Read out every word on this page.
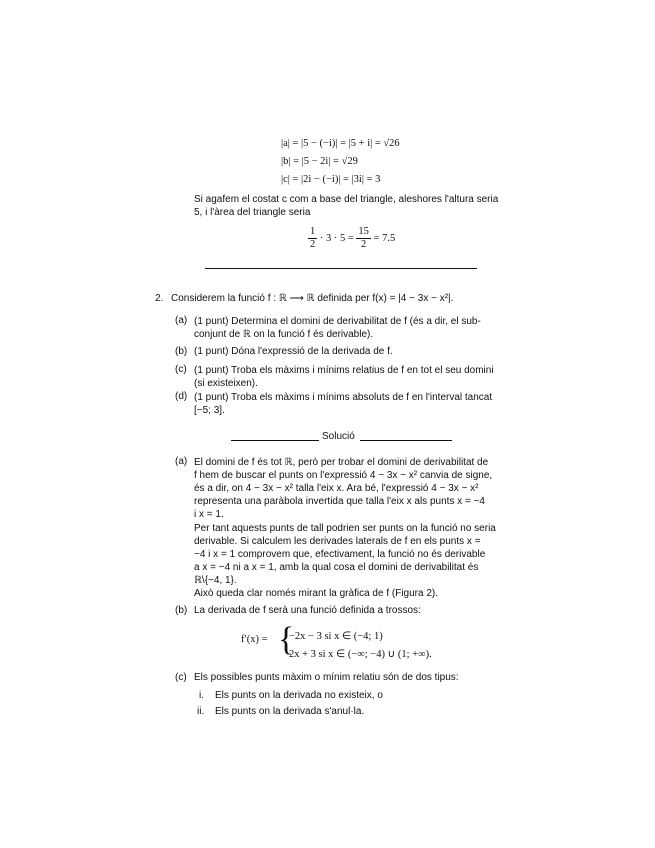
|a| = |5 − (−i)| = |5 + i| = √26
|b| = |5 − 2i| = √29
|c| = |2i − (−i)| = |3i| = 3
Si agafem el costat c com a base del triangle, aleshores l'altura seria
5, i l'àrea del triangle seria
$\frac{1}{2} \cdot 3 \cdot 5 = \frac{15}{2} = 7.5$
2. Considerem la funció f : ℝ ⟶ ℝ definida per f(x) = |4 − 3x − x²|.
(a) (1 punt) Determina el domini de derivabilitat de f (és a dir, el sub-
conjunt de ℝ on la funció f és derivable).
(b) (1 punt) Dóna l'expressió de la derivada de f.
(c) (1 punt) Troba els màxims i mínims relatius de f en tot el seu domini
(si existeixen).
(d) (1 punt) Troba els màxims i mínims absoluts de f en l'interval tancat
[−5; 3].
Solució
(a) El domini de f és tot ℝ, però per trobar el domini de derivabilitat de
f hem de buscar el punts on l'expressió 4 − 3x − x² canvia de signe,
és a dir, on 4 − 3x − x² talla l'eix x. Ara bé, l'expressió 4 − 3x − x²
representa una paràbola invertida que talla l'eix x als punts x = −4
i x = 1.
Per tant aquests punts de tall podrien ser punts on la funció no seria
derivable. Si calculem les derivades laterals de f en els punts x =
−4 i x = 1 comprovem que, efectivament, la funció no és derivable
a x = −4 ni a x = 1, amb la qual cosa el domini de derivabilitat és
ℝ\{−4, 1}.
Això queda clar només mirant la gràfica de f (Figura 2).
(b) La derivada de f serà una funció definida a trossos:
f′(x) = {
−2x − 3 si x ∈ (−4; 1)
2x + 3 si x ∈ (−∞; −4) ∪ (1; +∞).
(c) Els possibles punts màxim o mínim relatiu són de dos tipus:
i. Els punts on la derivada no existeix, o
ii. Els punts on la derivada s'anul·la.
